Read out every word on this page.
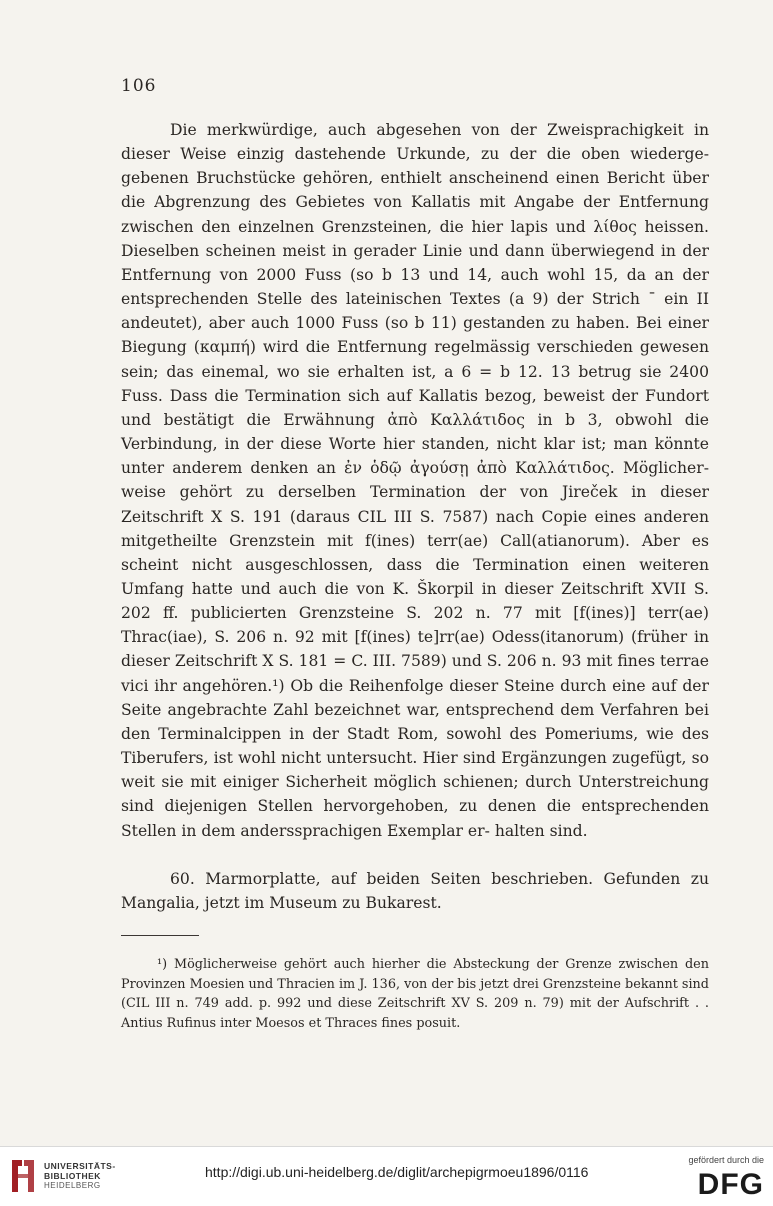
106

Die merkwürdige, auch abgesehen von der Zweisprachigkeit in dieser Weise einzig dastehende Urkunde, zu der die oben wiederge- gebenen Bruchstücke gehören, enthielt anscheinend einen Bericht über die Abgrenzung des Gebietes von Kallatis mit Angabe der Entfernung zwischen den einzelnen Grenzsteinen, die hier lapis und λίθος heissen. Dieselben scheinen meist in gerader Linie und dann überwiegend in der Entfernung von 2000 Fuss (so b 13 und 14, auch wohl 15, da an der entsprechenden Stelle des lateinischen Textes (a 9) der Strich ¯ ein II andeutet), aber auch 1000 Fuss (so b 11) gestanden zu haben. Bei einer Biegung (καμπή) wird die Entfernung regelmässig verschieden gewesen sein; das einemal, wo sie erhalten ist, a 6 = b 12. 13 betrug sie 2400 Fuss. Dass die Termination sich auf Kallatis bezog, beweist der Fundort und bestätigt die Erwähnung ἀπὸ Καλλάτιδος in b 3, obwohl die Verbindung, in der diese Worte hier standen, nicht klar ist; man könnte unter anderem denken an ἐν ὁδῷ ἀγούσῃ ἀπὸ Καλλάτιδος. Möglicher- weise gehört zu derselben Termination der von Jireček in dieser Zeitschrift X S. 191 (daraus CIL III S. 7587) nach Copie eines anderen mitgetheilte Grenzstein mit f(ines) terr(ae) Call(atianorum). Aber es scheint nicht ausgeschlossen, dass die Termination einen weiteren Umfang hatte und auch die von K. Škorpil in dieser Zeitschrift XVII S. 202 ff. publicierten Grenzsteine S. 202 n. 77 mit [f(ines)] terr(ae) Thrac(iae), S. 206 n. 92 mit [f(ines) te]rr(ae) Odess(itanorum) (früher in dieser Zeitschrift X S. 181 = C. III. 7589) und S. 206 n. 93 mit fines terrae vici ihr angehören.¹) Ob die Reihenfolge dieser Steine durch eine auf der Seite angebrachte Zahl bezeichnet war, entsprechend dem Verfahren bei den Terminalcippen in der Stadt Rom, sowohl des Pomeriums, wie des Tiberufers, ist wohl nicht untersucht. Hier sind Ergänzungen zugefügt, so weit sie mit einiger Sicherheit möglich schienen; durch Unterstreichung sind diejenigen Stellen hervorgehoben, zu denen die entsprechenden Stellen in dem anderssprachigen Exemplar er- halten sind.

60. Marmorplatte, auf beiden Seiten beschrieben. Gefunden zu Mangalia, jetzt im Museum zu Bukarest.

¹) Möglicherweise gehört auch hierher die Absteckung der Grenze zwischen den Provinzen Moesien und Thracien im J. 136, von der bis jetzt drei Grenzsteine bekannt sind (CIL III n. 749 add. p. 992 und diese Zeitschrift XV S. 209 n. 79) mit der Aufschrift . . Antius Rufinus inter Moesos et Thraces fines posuit.

UNIVERSITÄTS-
BIBLIOTHEK
HEIDELBERG
http://digi.ub.uni-heidelberg.de/diglit/archepigrmoeu1896/0116
gefördert durch die
DFG
